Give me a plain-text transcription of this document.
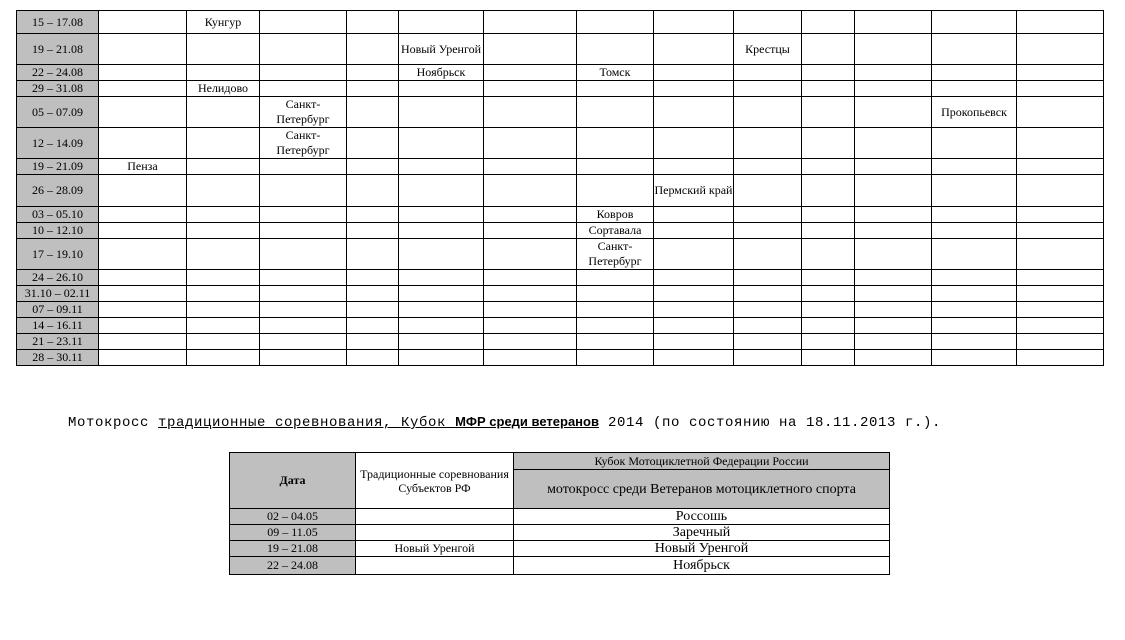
15 – 17.08		Кунгур											
19 – 21.08					Новый Уренгой				Крестцы				
22 – 24.08					Ноябрьск		Томск						
29 – 31.08		Нелидово											
05 – 07.09			Санкт-Петербург									Прокопьевск	
12 – 14.09			Санкт-Петербург										
19 – 21.09	Пенза												
26 – 28.09								Пермский край					
03 – 05.10							Ковров						
10 – 12.10							Сортавала						
17 – 19.10							Санкт-Петербург						
24 – 26.10													
31.10 – 02.11													
07 – 09.11													
14 – 16.11													
21 – 23.11													
28 – 30.11													
Мотокросс традиционные соревнования, Кубок МФР среди ветеранов 2014 (по состоянию на 18.11.2013 г.).
Дата	Традиционные соревнования Субъектов РФ	Кубок Мотоциклетной Федерации России
		мотокросс среди Ветеранов мотоциклетного спорта
02 – 04.05		Россошь
09 – 11.05		Заречный
19 – 21.08	Новый Уренгой	Новый Уренгой
22 – 24.08		Ноябрьск
